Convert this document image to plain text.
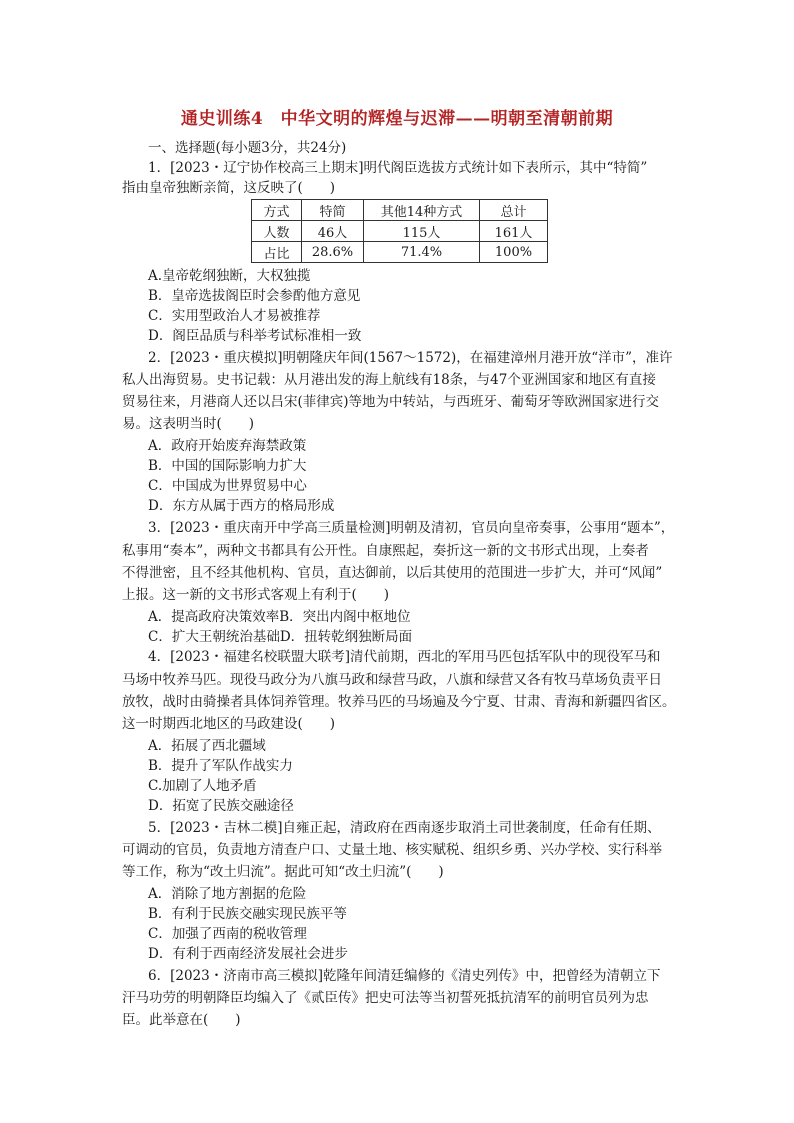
通史训练4　中华文明的辉煌与迟滞——明朝至清朝前期
一、选择题(每小题3分，共24分)
1．[2023・辽宁协作校高三上期末]明代阁臣选拔方式统计如下表所示，其中“特简”
指由皇帝独断亲简，这反映了(　　)
方式	特简	其他14种方式	总计
人数	46人	115人	161人
占比	28.6%	71.4%	100%
A.皇帝乾纲独断，大权独揽
B．皇帝选拔阁臣时会参酌他方意见
C．实用型政治人才易被推荐
D．阁臣品质与科举考试标准相一致
2．[2023・重庆模拟]明朝隆庆年间(1567～1572)，在福建漳州月港开放“洋市”，准许
私人出海贸易。史书记载：从月港出发的海上航线有18条，与47个亚洲国家和地区有直接
贸易往来，月港商人还以吕宋(菲律宾)等地为中转站，与西班牙、葡萄牙等欧洲国家进行交
易。这表明当时(　　)
A．政府开始废弃海禁政策
B．中国的国际影响力扩大
C．中国成为世界贸易中心
D．东方从属于西方的格局形成
3．[2023・重庆南开中学高三质量检测]明朝及清初，官员向皇帝奏事，公事用“题本”，
私事用“奏本”，两种文书都具有公开性。自康熙起，奏折这一新的文书形式出现，上奏者
不得泄密，且不经其他机构、官员，直达御前，以后其使用的范围进一步扩大，并可“风闻”
上报。这一新的文书形式客观上有利于(　　)
A．提高政府决策效率B．突出内阁中枢地位
C．扩大王朝统治基础D．扭转乾纲独断局面
4．[2023・福建名校联盟大联考]清代前期，西北的军用马匹包括军队中的现役军马和
马场中牧养马匹。现役马政分为八旗马政和绿营马政，八旗和绿营又各有牧马草场负责平日
放牧，战时由骑操者具体饲养管理。牧养马匹的马场遍及今宁夏、甘肃、青海和新疆四省区。
这一时期西北地区的马政建设(　　)
A．拓展了西北疆域
B．提升了军队作战实力
C.加剧了人地矛盾
D．拓宽了民族交融途径
5．[2023・吉林二模]自雍正起，清政府在西南逐步取消土司世袭制度，任命有任期、
可调动的官员，负责地方清查户口、丈量土地、核实赋税、组织乡勇、兴办学校、实行科举
等工作，称为“改土归流”。据此可知“改土归流”(　　)
A．消除了地方割据的危险
B．有利于民族交融实现民族平等
C．加强了西南的税收管理
D．有利于西南经济发展社会进步
6．[2023・济南市高三模拟]乾隆年间清廷编修的《清史列传》中，把曾经为清朝立下
汗马功劳的明朝降臣均编入了《贰臣传》把史可法等当初誓死抵抗清军的前明官员列为忠
臣。此举意在(　　)
